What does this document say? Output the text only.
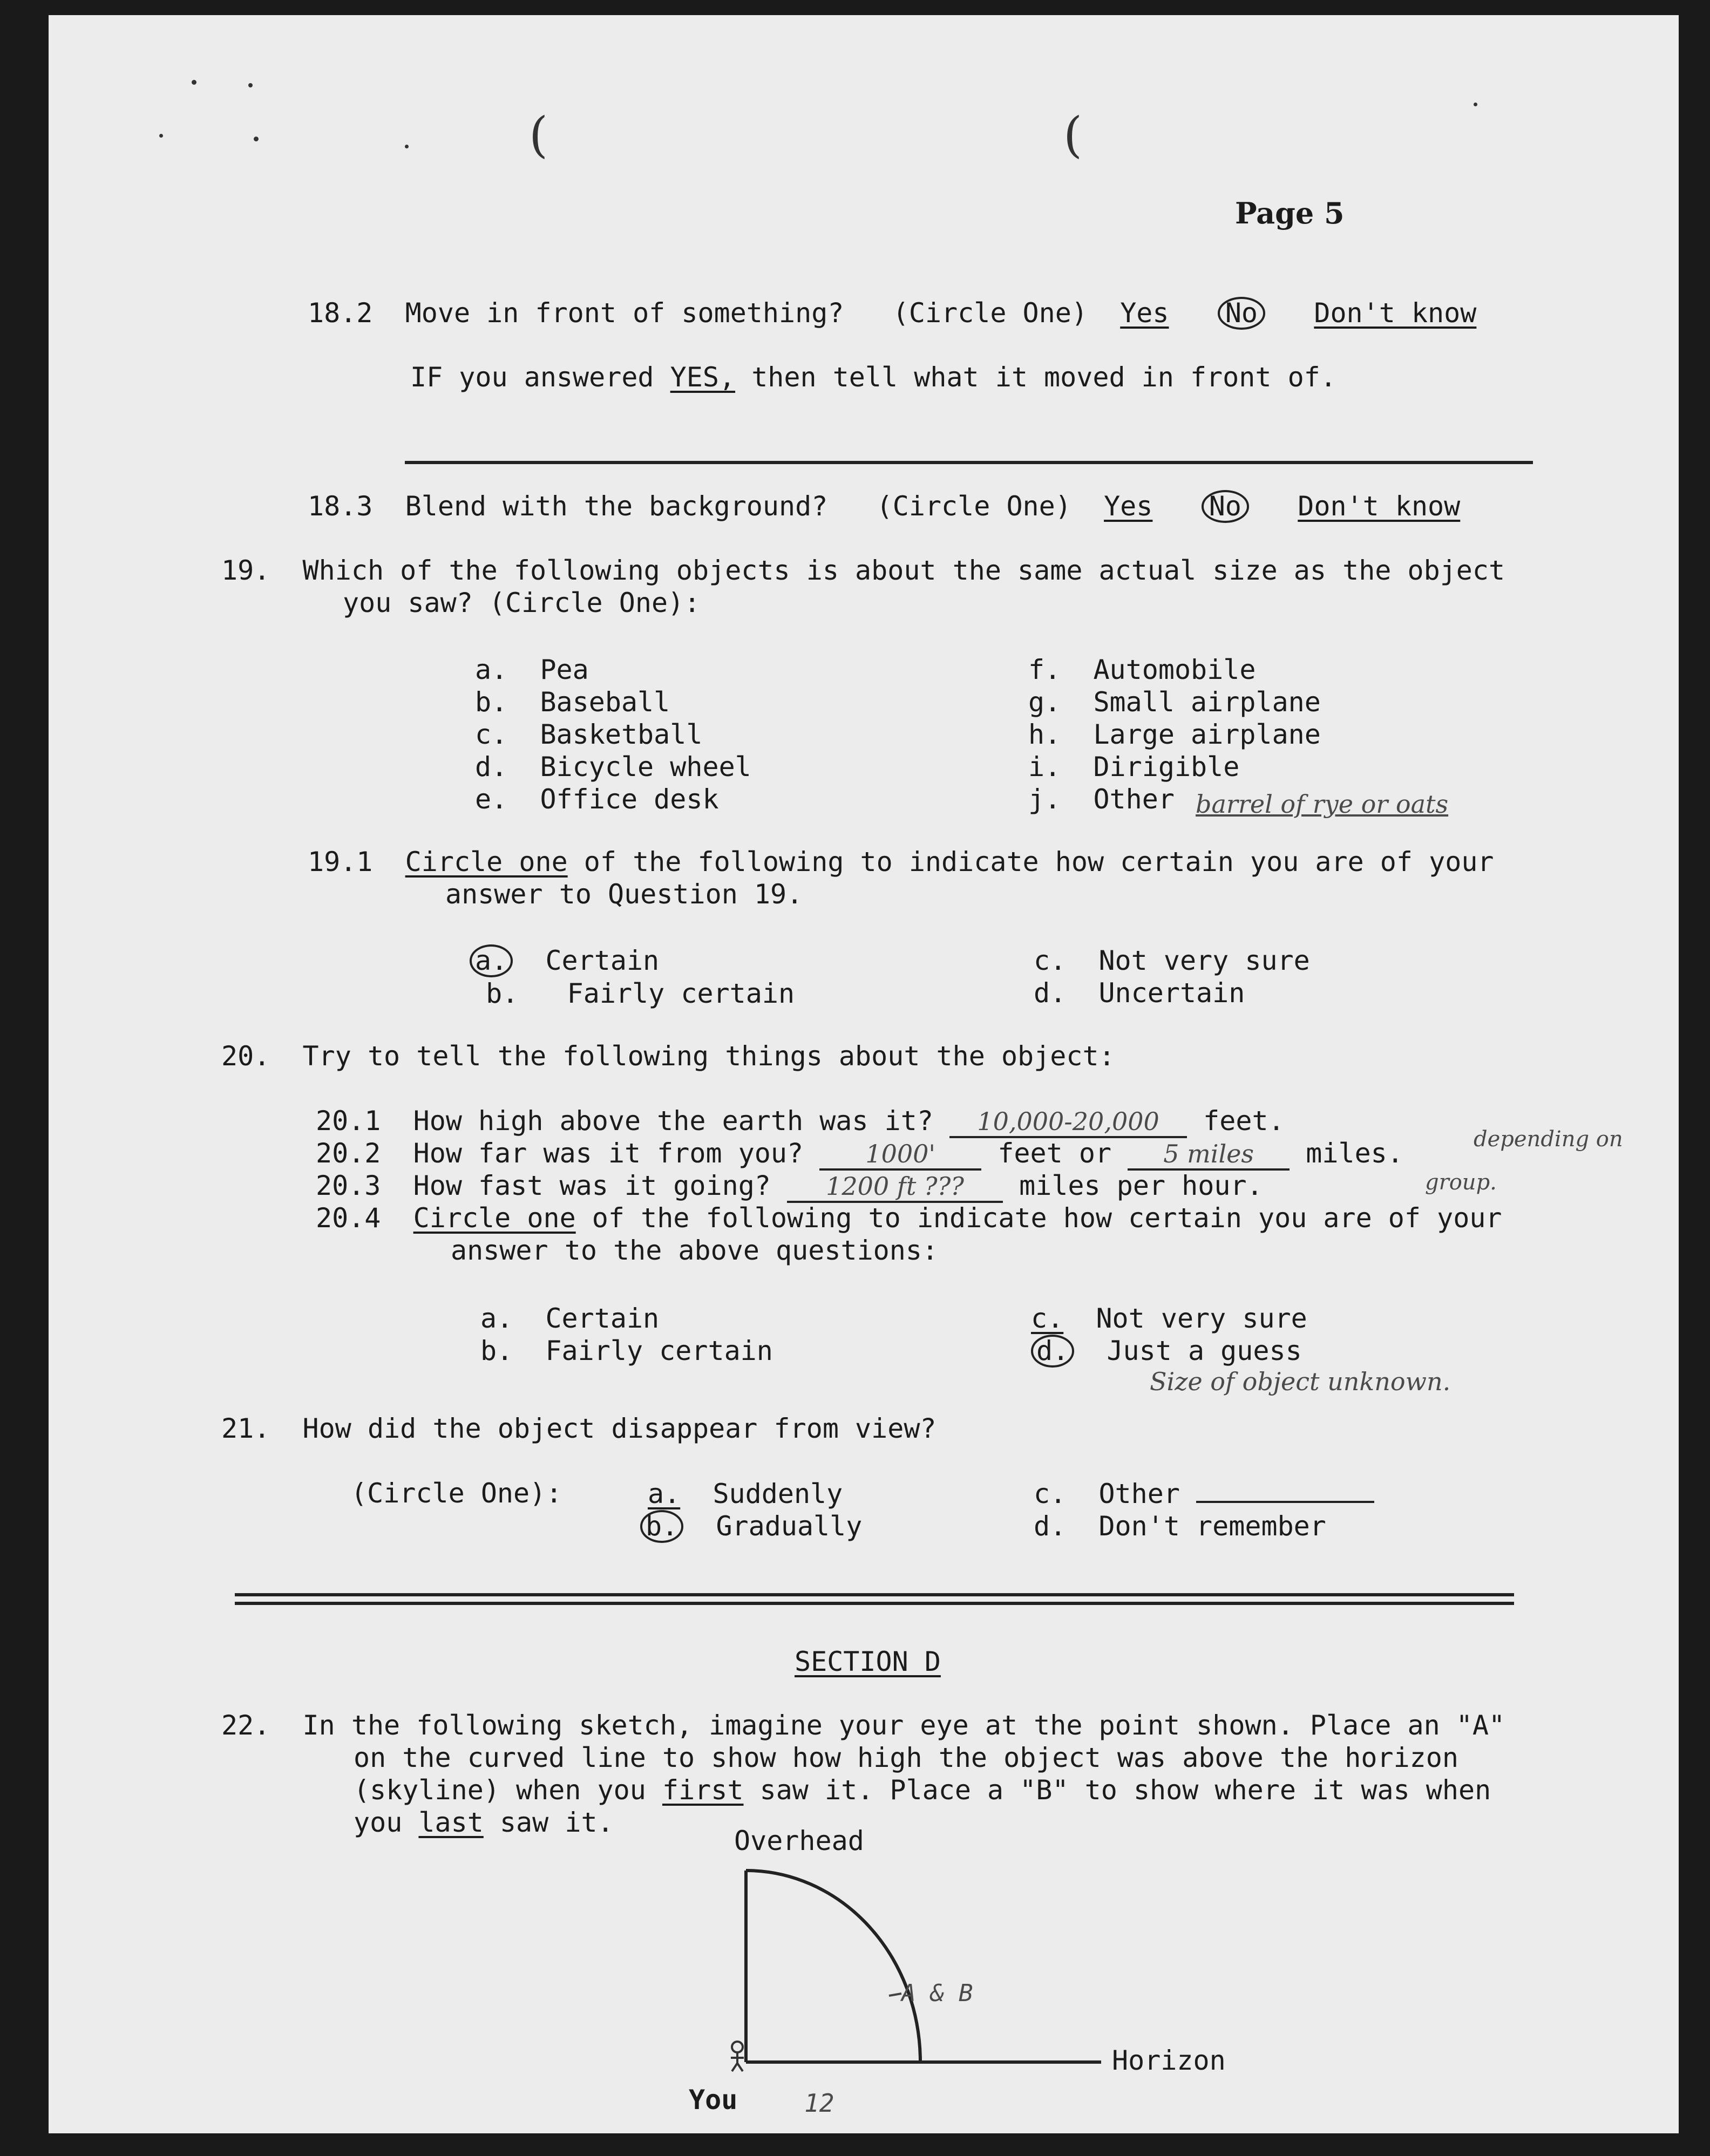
(	(
Page 5
18.2 Move in front of something? (Circle One) Yes No Don't know
IF you answered YES, then tell what it moved in front of.
18.3 Blend with the background? (Circle One) Yes No Don't know
19. Which of the following objects is about the same actual size as the object
you saw? (Circle One):
a. Pea
b. Baseball
c. Basketball
d. Bicycle wheel
e. Office desk
f. Automobile
g. Small airplane
h. Large airplane
i. Dirigible
j. Other barrel of rye or oats
19.1 Circle one of the following to indicate how certain you are of your
answer to Question 19.
a. Certain
b. Fairly certain
c. Not very sure
d. Uncertain
20. Try to tell the following things about the object:
20.1 How high above the earth was it? 10,000-20,000 feet.
20.2 How far was it from you?	1000' feet or 5 miles miles.	depending on
20.3 How fast was it going? 1200 ft ??? miles per hour.	group.
20.4 Circle one of the following to indicate how certain you are of your
answer to the above questions:
a. Certain
b. Fairly certain
c. Not very sure
d. Just a guess
Size of object unknown.
21. How did the object disappear from view?
(Circle One):	a. Suddenly
b. Gradually
c. Other
d. Don't remember
SECTION D
22. In the following sketch, imagine your eye at the point shown. Place an "A"
on the curved line to show how high the object was above the horizon
(skyline) when you first saw it. Place a "B" to show where it was when
you last saw it.
Overhead
Horizon
You
A & B
12
